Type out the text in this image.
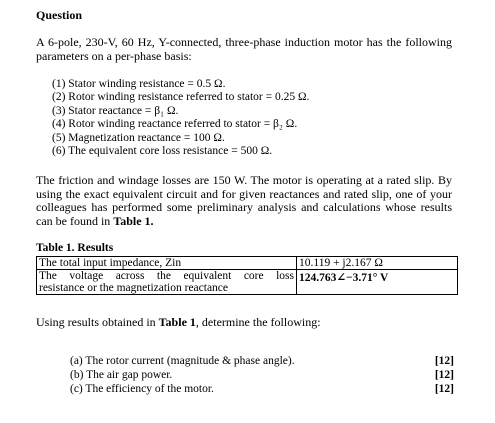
Question
A 6-pole, 230-V, 60 Hz, Y-connected, three-phase induction motor has the following parameters on a per-phase basis:
(1) Stator winding resistance = 0.5 Ω.
(2) Rotor winding resistance referred to stator = 0.25 Ω.
(3) Stator reactance = β₁ Ω.
(4) Rotor winding reactance referred to stator = β₂ Ω.
(5) Magnetization reactance = 100 Ω.
(6) The equivalent core loss resistance = 500 Ω.
The friction and windage losses are 150 W. The motor is operating at a rated slip. By using the exact equivalent circuit and for given reactances and rated slip, one of your colleagues has performed some preliminary analysis and calculations whose results can be found in Table 1.
Table 1. Results
The total input impedance, Zin	10.119 + j2.167 Ω

The voltage across the equivalent core loss
resistance or the magnetization reactance	124.763∠−3.71° V
Using results obtained in Table 1, determine the following:
(a) The rotor current (magnitude & phase angle).	[12]
(b) The air gap power.	[12]
(c) The efficiency of the motor.	[12]
